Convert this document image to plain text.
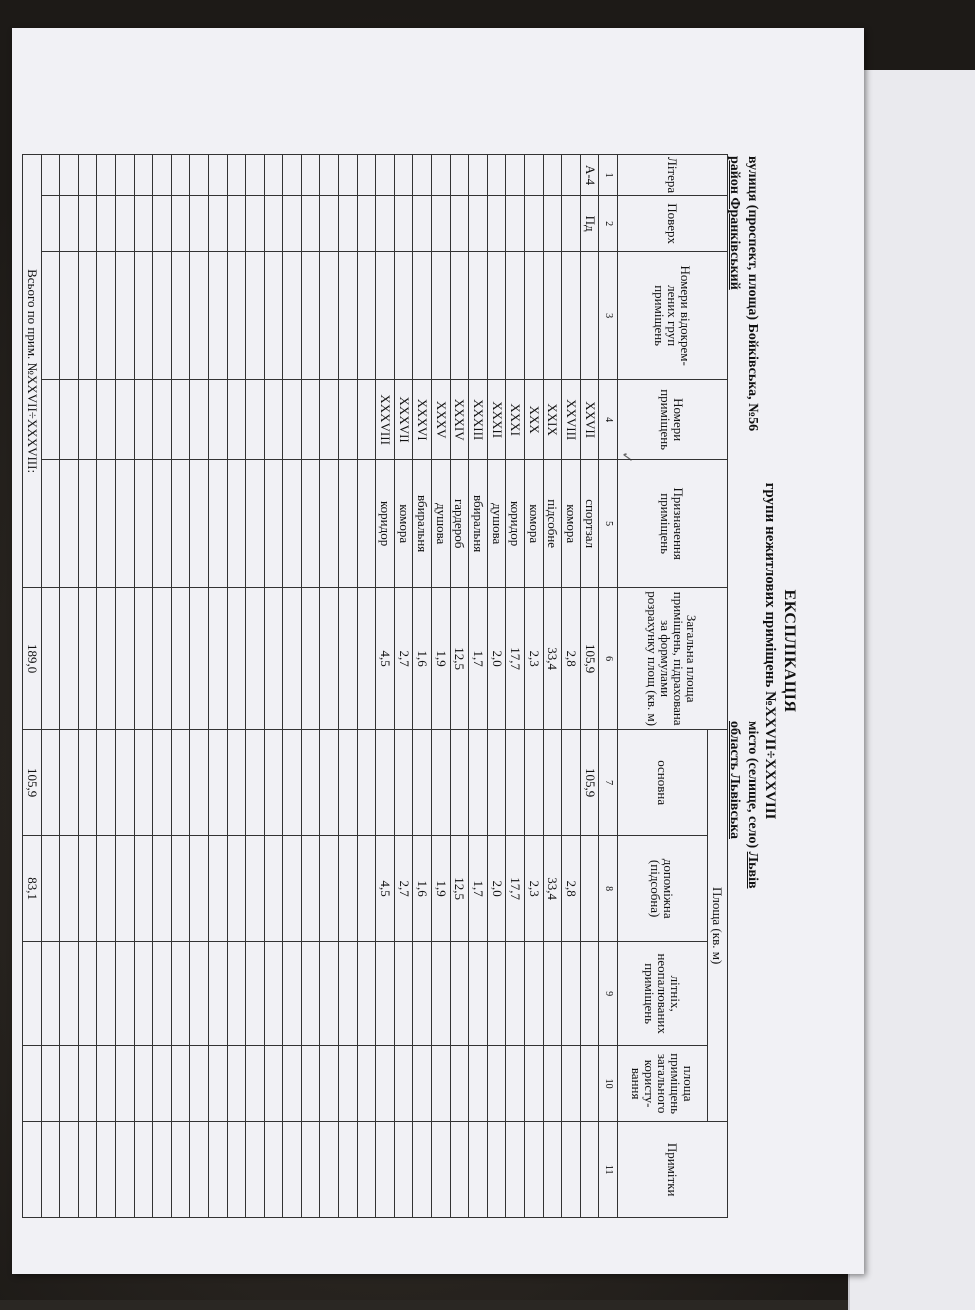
ЕКСПЛІКАЦІЯ
групи нежитлових приміщень №XXVII÷XXXVIII
вулиця (проспект, площа) Бойківська, №56
район Франківський
місто (селище, село) Львів
область Львівська
✓
Літера	Поверх	Номери відокрем-лених груп приміщень	Номери приміщень	Призначення приміщень	Загальна площа приміщень, підрахована за формулами розрахунку площ (кв. м)	Площа (кв. м)				Примітки
						основна	допоміжна (підсобна)	літніх, неопалюваних приміщень	площа приміщень загального користу-вання	
1	2	3	4	5	6	7	8	9	10	11
А-4	Пд		XXVII	спортзал	105,9	105,9				
			XXVIII	комора	2,8		2,8			
			XXIX	підсобне	33,4		33,4			
			XXX	комора	2,3		2,3			
			XXXI	коридор	17,7		17,7			
			XXXII	душова	2,0		2,0			
			XXXIII	вбиральня	1,7		1,7			
			XXXIV	гардероб	12,5		12,5			
			XXXV	душова	1,9		1,9			
			XXXVI	вбиральня	1,6		1,6			
			XXXVII	комора	2,7		2,7			
			XXXVIII	коридор	4,5		4,5			

Всього по прим. №XXVII÷XXXVIII:					189,0	105,9	83,1			
